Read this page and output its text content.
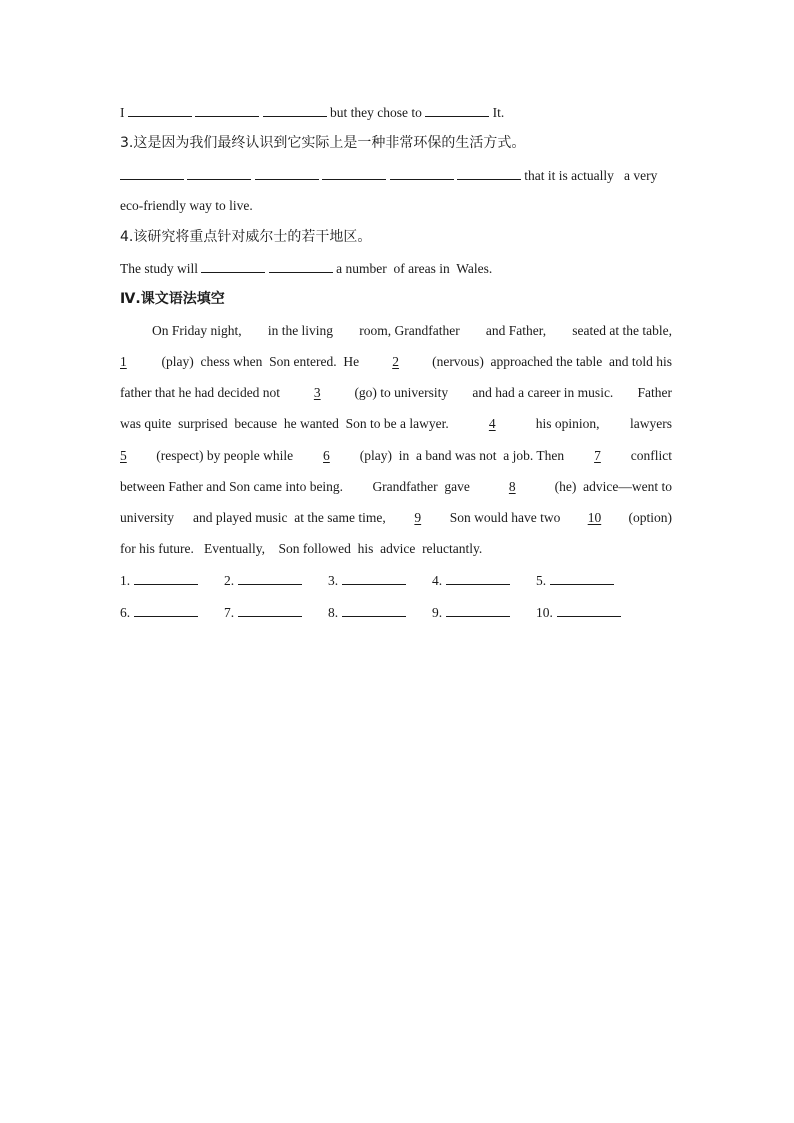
I	but they chose to	It.
3.这是因为我们最终认识到它实际上是一种非常环保的生活方式。
that it is actually   a very
eco-friendly way to live.
4.该研究将重点针对威尔士的若干地区。
The study will	a number  of areas in  Wales.
Ⅳ.课文语法填空
On Friday night, in the living room, Grandfather and Father, seated at the table,
1	(play)  chess when  Son entered.  He	2	(nervous)  approached the table  and told his
father that he had decided not	3	(go) to university and had a career in music. Father
was quite  surprised  because  he wanted  Son to be a lawyer.	4	his opinion, lawyers
5	(respect) by people while	6	(play)  in  a band was not  a job. Then	7	conflict
between Father and Son came into being. Grandfather  gave	8	(he)  advice—went to
university and played music  at the same time,	9	Son would have two	10	(option)
for his future.   Eventually,    Son followed  his  advice  reluctantly.
1.	2.	3.	4.	5.
6.	7.	8.	9.	10.
